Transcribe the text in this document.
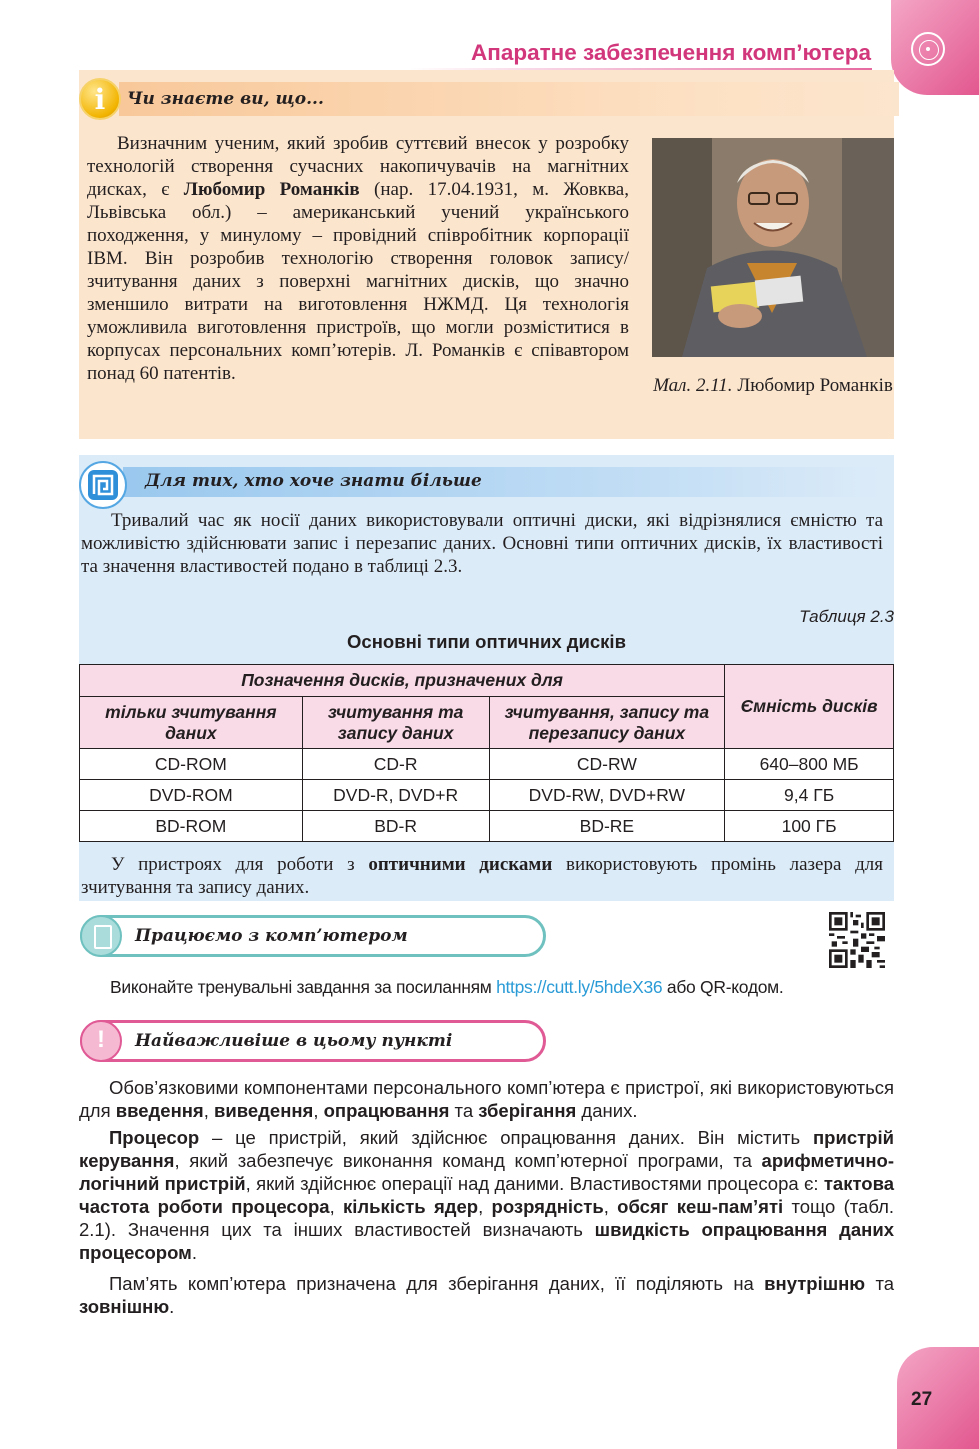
Апаратне забезпечення комп’ютера
i	Чи знаєте ви, що...
Визначним ученим, який зробив суттєвий внесок у розробку технологій створення сучасних накопичувачів на магнітних дисках, є Любомир Романків (нар. 17.04.1931, м. Жовква, Львівська обл.) – американський учений українського походження, у минулому – провідний співробітник корпорації IBM. Він розробив технологію створення головок запису/зчитування даних з поверхні магнітних дисків, що значно зменшило витрати на виготовлення НЖМД. Ця технологія уможливила виготовлення пристроїв, що могли розміститися в корпусах персональних комп’ютерів. Л. Романків є співавтором понад 60 патентів.
Мал. 2.11. Любомир Романків
Для тих, хто хоче знати більше
Тривалий час як носії даних використовували оптичні диски, які відрізнялися ємністю та можливістю здійснювати запис і перезапис даних. Основні типи оптичних дисків, їх властивості та значення властивостей подано в таблиці 2.3.
Таблиця 2.3
Основні типи оптичних дисків
Позначення дисків, призначених для			Ємність дисків
тільки зчитування даних	зчитування та запису даних	зчитування, запису та перезапису даних	
CD-ROM	CD-R	CD-RW	640–800 МБ
DVD-ROM	DVD-R, DVD+R	DVD-RW, DVD+RW	9,4 ГБ
BD-ROM	BD-R	BD-RE	100 ГБ
У пристроях для роботи з оптичними дисками використовують промінь лазера для зчитування та запису даних.
Працюємо з комп’ютером
Виконайте тренувальні завдання за посиланням https://cutt.ly/5hdeX36 або QR-кодом.
!	Найважливіше в цьому пункті
Обов’язковими компонентами персонального комп’ютера є пристрої, які використовуються для введення, виведення, опрацювання та зберігання даних.
Процесор – це пристрій, який здійснює опрацювання даних. Він містить пристрій керування, який забезпечує виконання команд комп’ютерної програми, та арифметично-логічний пристрій, який здійснює операції над даними. Властивостями процесора є: тактова частота роботи процесора, кількість ядер, розрядність, обсяг кеш-пам’яті тощо (табл. 2.1). Значення цих та інших властивостей визначають швидкість опрацювання даних процесором.
Пам’ять комп’ютера призначена для зберігання даних, її поділяють на внутрішню та зовнішню.
27
